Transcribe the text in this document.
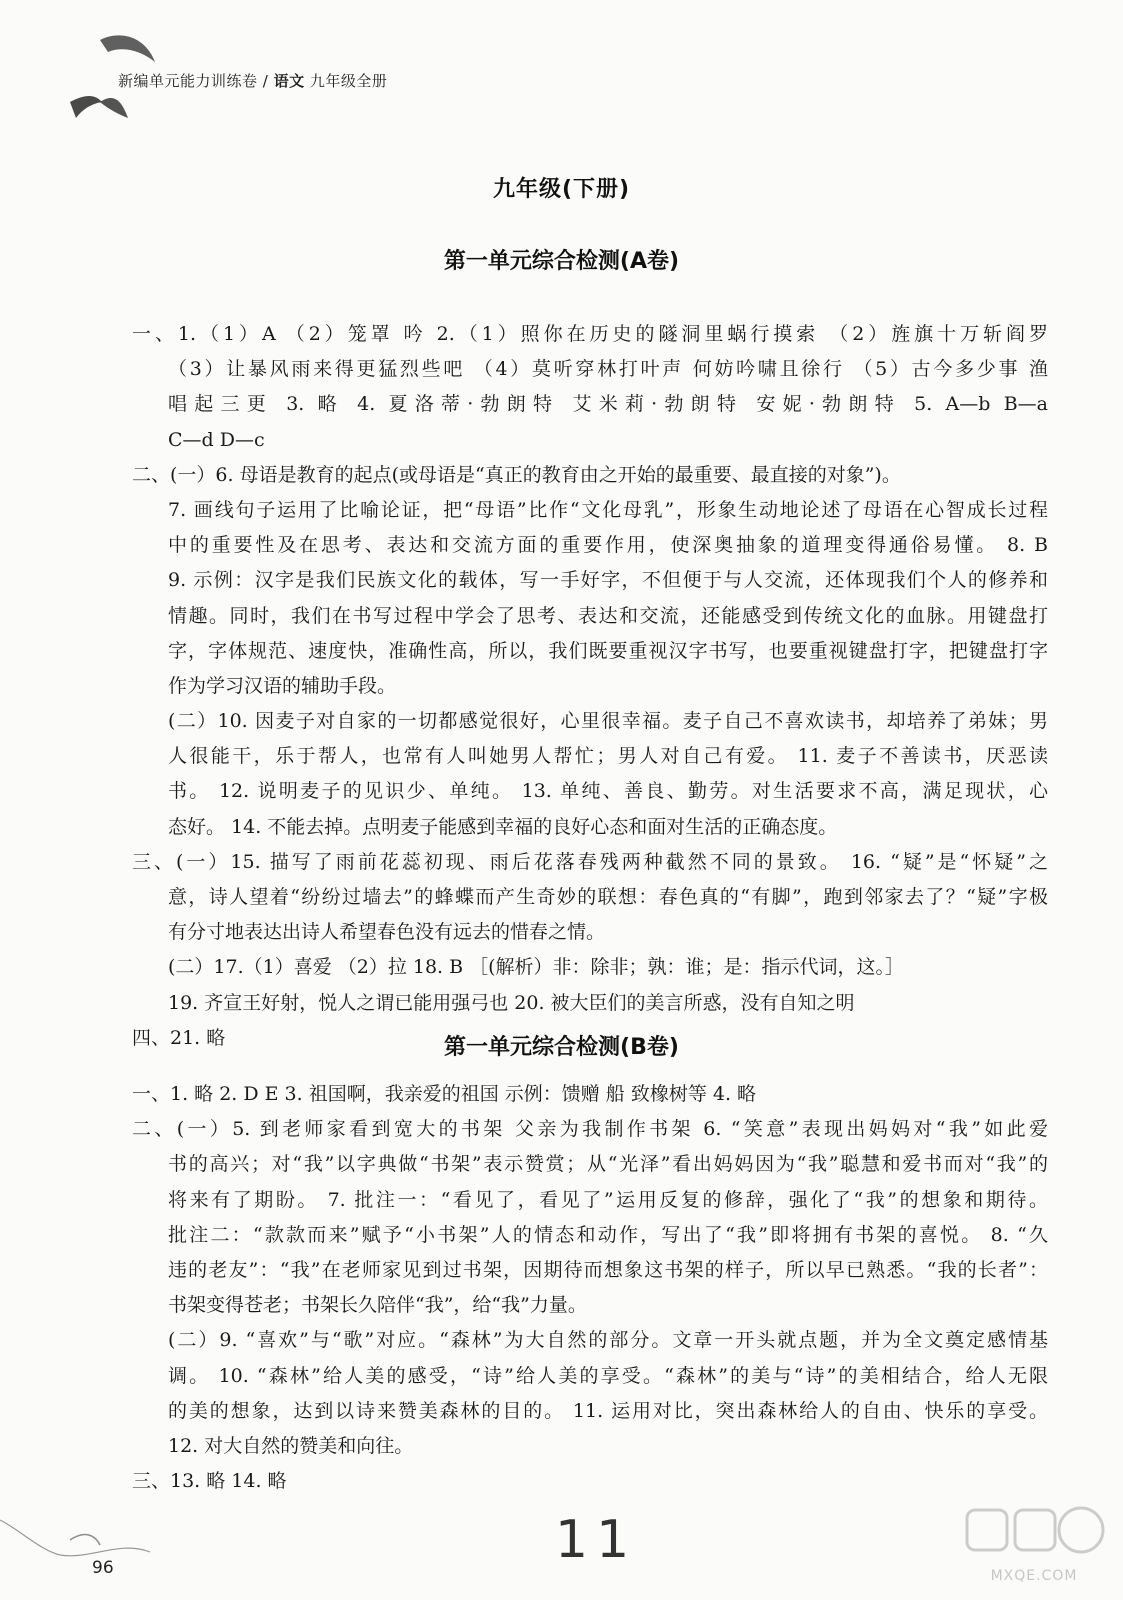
新编单元能力训练卷 / 语文 九年级全册
九年级(下册)
第一单元综合检测(A卷)
一、1.（1）A （2）笼罩 吟 2.（1）照你在历史的隧洞里蜗行摸索 （2）旌旗十万斩阎罗
（3）让暴风雨来得更猛烈些吧 （4）莫听穿林打叶声 何妨吟啸且徐行 （5）古今多少事 渔
唱起三更 3. 略 4. 夏洛蒂·勃朗特 艾米莉·勃朗特 安妮·勃朗特 5. A—b B—a
C—d D—c
二、(一）6. 母语是教育的起点(或母语是“真正的教育由之开始的最重要、最直接的对象”)。
7. 画线句子运用了比喻论证，把“母语”比作“文化母乳”，形象生动地论述了母语在心智成长过程
中的重要性及在思考、表达和交流方面的重要作用，使深奥抽象的道理变得通俗易懂。 8. B
9. 示例：汉字是我们民族文化的载体，写一手好字，不但便于与人交流，还体现我们个人的修养和
情趣。同时，我们在书写过程中学会了思考、表达和交流，还能感受到传统文化的血脉。用键盘打
字，字体规范、速度快，准确性高，所以，我们既要重视汉字书写，也要重视键盘打字，把键盘打字
作为学习汉语的辅助手段。
(二）10. 因麦子对自家的一切都感觉很好，心里很幸福。麦子自己不喜欢读书，却培养了弟妹；男
人很能干，乐于帮人，也常有人叫她男人帮忙；男人对自己有爱。 11. 麦子不善读书，厌恶读
书。 12. 说明麦子的见识少、单纯。 13. 单纯、善良、勤劳。对生活要求不高，满足现状，心
态好。 14. 不能去掉。点明麦子能感到幸福的良好心态和面对生活的正确态度。
三、(一）15. 描写了雨前花蕊初现、雨后花落春残两种截然不同的景致。 16. “疑”是“怀疑”之
意，诗人望着“纷纷过墙去”的蜂蝶而产生奇妙的联想：春色真的“有脚”，跑到邻家去了？“疑”字极
有分寸地表达出诗人希望春色没有远去的惜春之情。
(二）17.（1）喜爱 （2）拉 18. B ［(解析）非：除非；孰：谁；是：指示代词，这。］
19. 齐宣王好射，悦人之谓已能用强弓也 20. 被大臣们的美言所惑，没有自知之明
四、21. 略	第一单元综合检测(B卷)
一、1. 略 2. D E 3. 祖国啊，我亲爱的祖国 示例：馈赠 船 致橡树等 4. 略
二、(一）5. 到老师家看到宽大的书架 父亲为我制作书架 6. “笑意”表现出妈妈对“我”如此爱
书的高兴；对“我”以字典做“书架”表示赞赏；从“光泽”看出妈妈因为“我”聪慧和爱书而对“我”的
将来有了期盼。 7. 批注一：“看见了，看见了”运用反复的修辞，强化了“我”的想象和期待。
批注二：“款款而来”赋予“小书架”人的情态和动作，写出了“我”即将拥有书架的喜悦。 8. “久
违的老友”：“我”在老师家见到过书架，因期待而想象这书架的样子，所以早已熟悉。“我的长者”：
书架变得苍老；书架长久陪伴“我”，给“我”力量。
(二）9. “喜欢”与“歌”对应。“森林”为大自然的部分。文章一开头就点题，并为全文奠定感情基
调。 10. “森林”给人美的感受，“诗”给人美的享受。“森林”的美与“诗”的美相结合，给人无限
的美的想象，达到以诗来赞美森林的目的。 11. 运用对比，突出森林给人的自由、快乐的享受。
12. 对大自然的赞美和向往。
三、13. 略 14. 略
96	11
MXQE.COM
